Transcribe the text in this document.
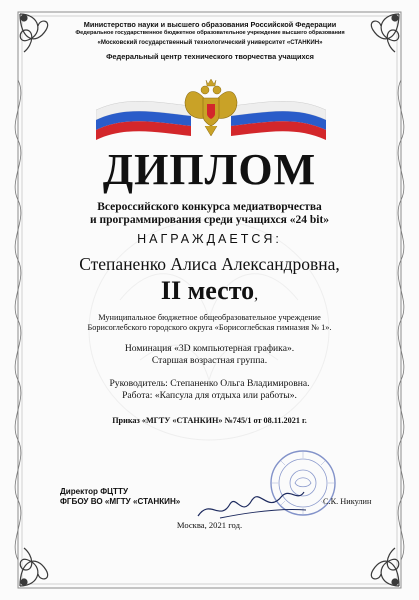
Министерство науки и высшего образования Российской Федерации
Федеральное государственное бюджетное образовательное учреждение высшего образования
«Московский государственный технологический университет «СТАНКИН»
Федеральный центр технического творчества учащихся
ДИПЛОМ
Всероссийского конкурса медиатворчества
и программирования среди учащихся «24 bit»
НАГРАЖДАЕТСЯ:
Степаненко Алиса Александровна,
II место,
Муниципальное бюджетное общеобразовательное учреждение
Борисоглебского городского округа «Борисоглебская гимназия № 1».
Номинация «3D компьютерная графика».
Старшая возрастная группа.
Руководитель: Степаненко Ольга Владимировна.
Работа: «Капсула для отдыха или работы».
Приказ «МГТУ «СТАНКИН» №745/1 от 08.11.2021 г.
Директор ФЦТТУ
ФГБОУ ВО «МГТУ «СТАНКИН»	С.К. Никулин
Москва, 2021 год.
